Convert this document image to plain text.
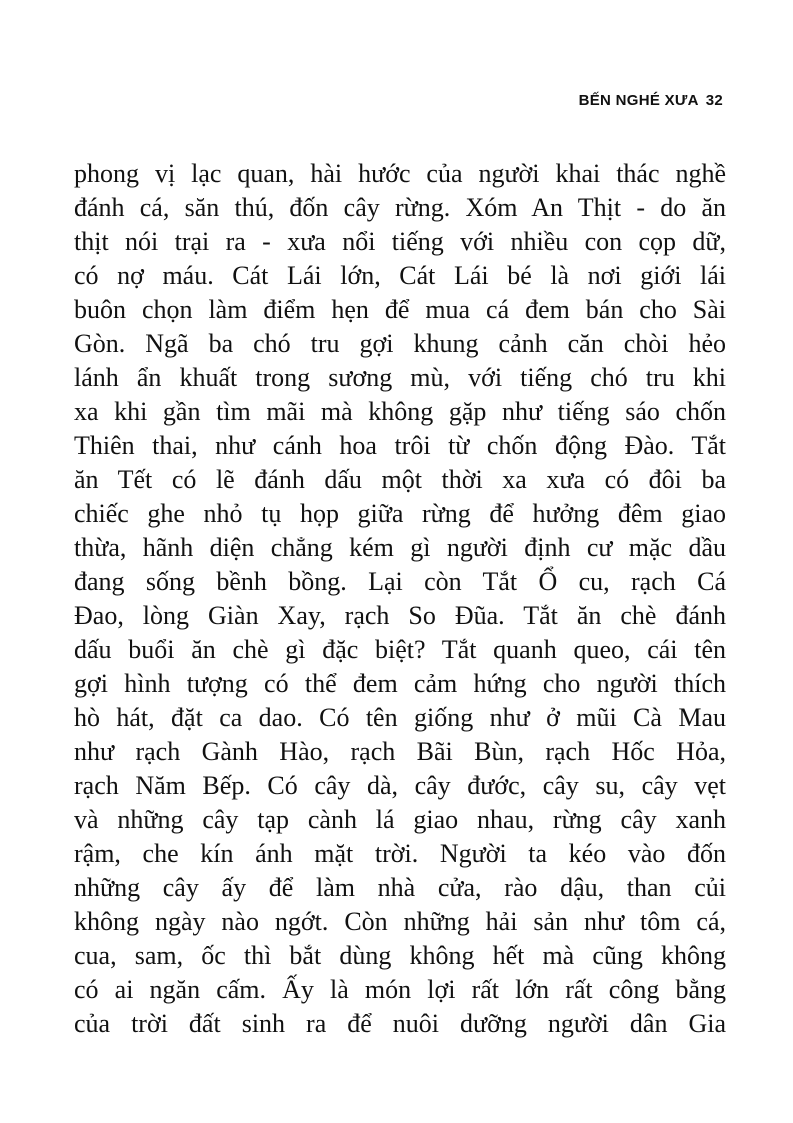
BẾN NGHÉ XƯA 32
phong vị lạc quan, hài hước của người khai thác nghề
đánh cá, săn thú, đốn cây rừng. Xóm An Thịt - do ăn
thịt nói trại ra - xưa nổi tiếng với nhiều con cọp dữ,
có nợ máu. Cát Lái lớn, Cát Lái bé là nơi giới lái
buôn chọn làm điểm hẹn để mua cá đem bán cho Sài
Gòn. Ngã ba chó tru gợi khung cảnh căn chòi hẻo
lánh ẩn khuất trong sương mù, với tiếng chó tru khi
xa khi gần tìm mãi mà không gặp như tiếng sáo chốn
Thiên thai, như cánh hoa trôi từ chốn động Đào. Tắt
ăn Tết có lẽ đánh dấu một thời xa xưa có đôi ba
chiếc ghe nhỏ tụ họp giữa rừng để hưởng đêm giao
thừa, hãnh diện chẳng kém gì người định cư mặc dầu
đang sống bềnh bồng. Lại còn Tắt Ổ cu, rạch Cá
Đao, lòng Giàn Xay, rạch So Đũa. Tắt ăn chè đánh
dấu buổi ăn chè gì đặc biệt? Tắt quanh queo, cái tên
gợi hình tượng có thể đem cảm hứng cho người thích
hò hát, đặt ca dao. Có tên giống như ở mũi Cà Mau
như rạch Gành Hào, rạch Bãi Bùn, rạch Hốc Hỏa,
rạch Năm Bếp. Có cây dà, cây đước, cây su, cây vẹt
và những cây tạp cành lá giao nhau, rừng cây xanh
rậm, che kín ánh mặt trời. Người ta kéo vào đốn
những cây ấy để làm nhà cửa, rào dậu, than củi
không ngày nào ngớt. Còn những hải sản như tôm cá,
cua, sam, ốc thì bắt dùng không hết mà cũng không
có ai ngăn cấm. Ấy là món lợi rất lớn rất công bằng
của trời đất sinh ra để nuôi dưỡng người dân Gia
